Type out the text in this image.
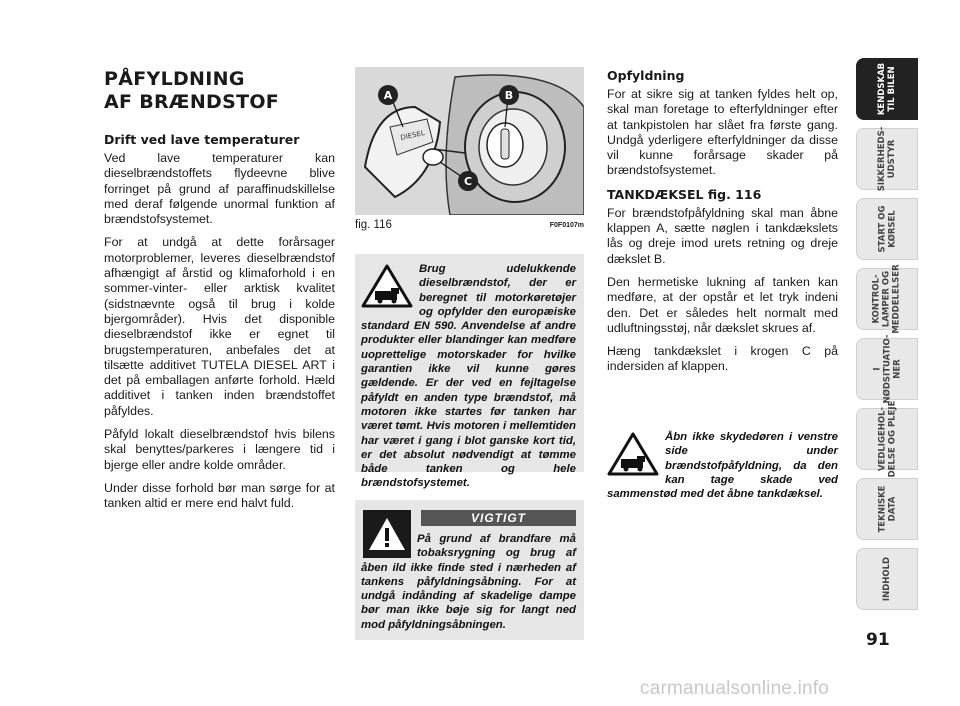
PÅFYLDNING
AF BRÆNDSTOF
Drift ved lave temperaturer

Ved lave temperaturer kan dieselbrændstoffets flydeevne blive forringet på grund af paraffinudskillelse med deraf følgende unormal funktion af brændstofsystemet.

For at undgå at dette forårsager motorproblemer, leveres dieselbrændstof afhængigt af årstid og klimaforhold i en sommer-vinter- eller arktisk kvalitet (sidstnævnte også til brug i kolde bjergområder). Hvis det disponible dieselbrændstof ikke er egnet til brugstemperaturen, anbefales det at tilsætte additivet TUTELA DIESEL ART i det på emballagen anførte forhold. Hæld additivet i tanken inden brændstoffet påfyldes.

Påfyld lokalt dieselbrændstof hvis bilens skal benyttes/parkeres i længere tid i bjerge eller andre kolde områder.

Under disse forhold bør man sørge for at tanken altid er mere end halvt fuld.

DIESEL
A	B
C
fig. 116	F0F0107m

Brug udelukkende dieselbrændstof, der er beregnet til motorkøretøjer og opfylder den europæiske standard EN 590. Anvendelse af andre produkter eller blandinger kan medføre uoprettelige motorskader for hvilke garantien ikke vil kunne gøres gældende. Er der ved en fejltagelse påfyldt en anden type brændstof, må motoren ikke startes før tanken har været tømt. Hvis motoren i mellemtiden har været i gang i blot ganske kort tid, er det absolut nødvendigt at tømme både tanken og hele brændstofsystemet.

VIGTIGT

På grund af brandfare må tobaksrygning og brug af åben ild ikke finde sted i nærheden af tankens påfyldningsåbning. For at undgå indånding af skadelige dampe bør man ikke bøje sig for langt ned mod påfyldningsåbningen.

Opfyldning

For at sikre sig at tanken fyldes helt op, skal man foretage to efterfyldninger efter at tankpistolen har slået fra første gang. Undgå yderligere efterfyldninger da disse vil kunne forårsage skader på brændstofsystemet.

TANKDÆKSEL fig. 116

For brændstofpåfyldning skal man åbne klappen A, sætte nøglen i tankdækslets lås og dreje imod urets retning og dreje dækslet B.

Den hermetiske lukning af tanken kan medføre, at der opstår et let tryk indeni den. Det er således helt normalt med udluftningsstøj, når dækslet skrues af.

Hæng tankdækslet i krogen C på indersiden af klappen.

Åbn ikke skydedøren i venstre side under brændstofpåfyldning, da den kan tage skade ved sammenstød med det åbne tankdæksel.

KENDSKAB
TIL BILEN
SIKKERHEDS-
UDSTYR
START OG
KØRSEL
KONTROL-
LAMPER OG
MEDDELELSER
I
NØDSITUATIO-
NER
VEDLIGEHOL-
DELSE OG PLEJE
TEKNISKE
DATA
INDHOLD
91
carmanualsonline.info
